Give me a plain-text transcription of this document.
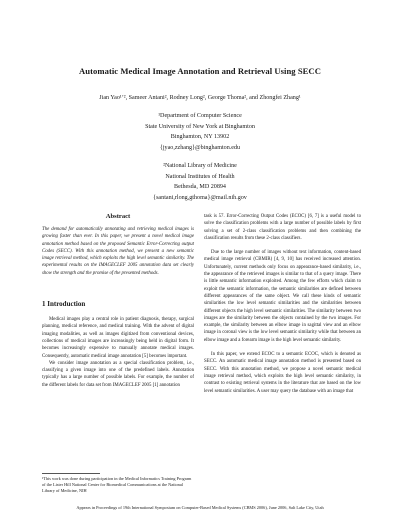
Automatic Medical Image Annotation and Retrieval Using SECC
Jian Yao¹ʼ², Sameer Antani², Rodney Long², George Thoma², and Zhongfei Zhang¹
¹Department of Computer Science
State University of New York at Binghamton
Binghamton, NY 13902
{jyao,zzhang}@binghamton.edu
²National Library of Medicine
National Institutes of Health
Bethesda, MD 20894
{santani,rlong,gthoma}@mail.nih.gov
Abstract

The demand for automatically annotating and retrieving medical images is growing faster than ever. In this paper, we present a novel medical image annotation method based on the proposed Semantic Error-Correcting output Codes (SECC). With this annotation method, we present a new semantic image retrieval method, which exploits the high level semantic similarity. The experimental results on the IMAGECLEF 2005 annotation data set clearly show the strength and the promise of the presented methods.

1 Introduction

Medical images play a central role in patient diagnosis, therapy, surgical planning, medical reference, and medical training. With the advent of digital imaging modalities, as well as images digitized from conventional devices, collections of medical images are increasingly being held in digital form. It becomes increasingly expensive to manually annotate medical images. Consequently, automatic medical image annotation [5] becomes important.

We consider image annotation as a special classification problem, i.e., classifying a given image into one of the predefined labels. Annotation typically has a large number of possible labels. For example, the number of the different labels for data set from IMAGECLEF 2005 [1] annotation

task is 57. Error-Correcting Output Codes (ECOC) [6, 7] is a useful model to solve the classification problems with a large number of possible labels by first solving a set of 2-class classification problems and then combining the classification results from these 2-class classifiers.

Due to the large number of images without text information, content-based medical image retrieval (CBMIR) [4, 9, 10] has received increased attention. Unfortunately, current methods only focus on appearance-based similarity, i.e., the appearance of the retrieved images is similar to that of a query image. There is little semantic information exploited. Among the few efforts which claim to exploit the semantic information, the semantic similarities are defined between different appearances of the same object. We call these kinds of semantic similarities the low level semantic similarities and the similarities between different objects the high level semantic similarities. The similarity between two images are the similarity between the objects contained by the two images. For example, the similarity between an elbow image in sagittal view and an elbow image in coronal view is the low level semantic similarity while that between an elbow image and a forearm image is the high level semantic similarity.

In this paper, we extend ECOC to a semantic ECOC, which is denoted as SECC. An automatic medical image annotation method is presented based on SECC. With this annotation method, we propose a novel semantic medical image retrieval method, which exploits the high level semantic similarity, in contrast to existing retrieval systems in the literature that are based on the low level semantic similarities. A user may query the database with an image that

¹This work was done during participation in the Medical Informatics Training Program of the Lister Hill National Center for Biomedical Communications at the National Library of Medicine, NIH
Appears in Proceedings of 19th International Symposium on Computer-Based Medical Systems (CBMS 2006), June 2006, Salt Lake City, Utah
